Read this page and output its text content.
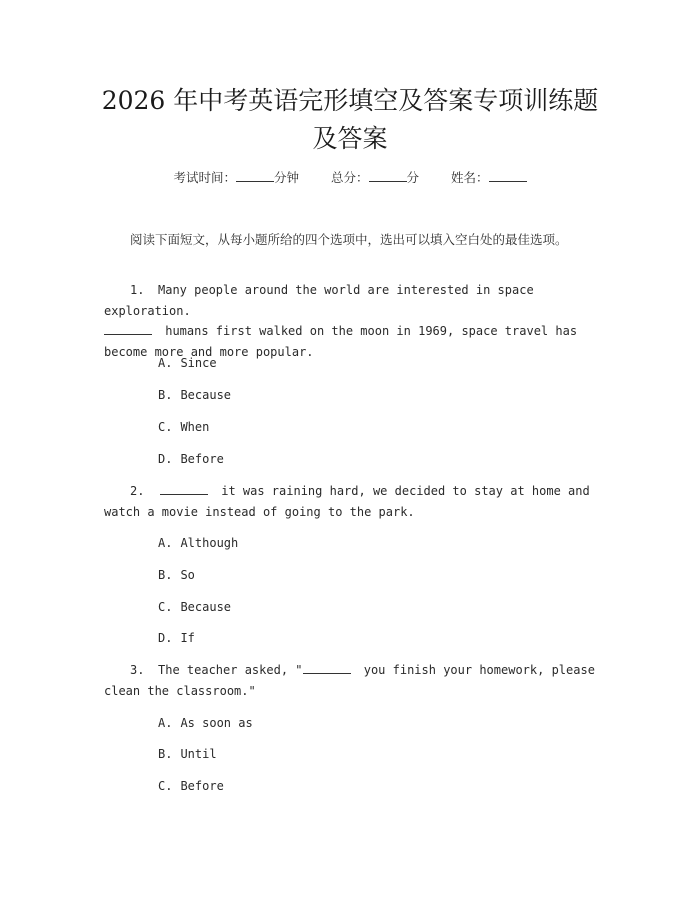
2026 年中考英语完形填空及答案专项训练题
及答案
考试时间：	分钟	总分：	分	姓名：
阅读下面短文，从每小题所给的四个选项中，选出可以填入空白处的最佳选项。
1. Many people around the world are interested in space exploration.
humans first walked on the moon in 1969, space travel has
become more and more popular.
A. Since
B. Because
C. When
D. Before
2.	it was raining hard, we decided to stay at home and
watch a movie instead of going to the park.
A. Although
B. So
C. Because
D. If
3. The teacher asked, "	you finish your homework, please
clean the classroom."
A. As soon as
B. Until
C. Before
